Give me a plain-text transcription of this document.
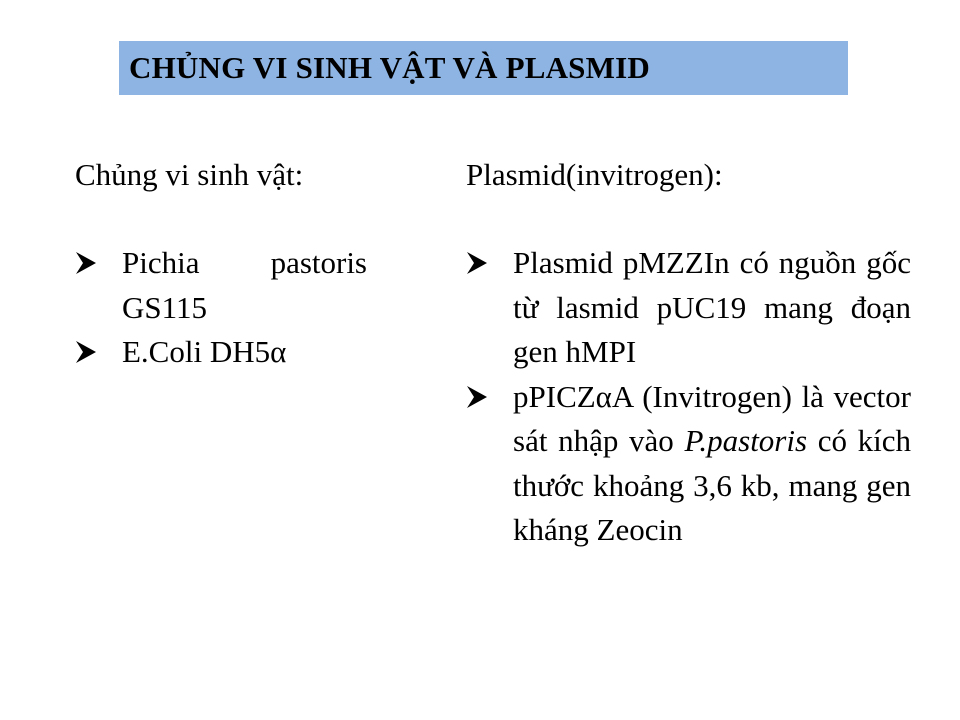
CHỦNG VI SINH VẬT VÀ PLASMID
Chủng vi sinh vật:
Pichia pastoris GS115
E.Coli DH5α
Plasmid(invitrogen):
Plasmid pMZZIn có nguồn gốc từ lasmid pUC19 mang đoạn gen hMPI
pPICZαA (Invitrogen) là vector sát nhập vào P.pastoris có kích thước khoảng 3,6 kb, mang gen kháng Zeocin
